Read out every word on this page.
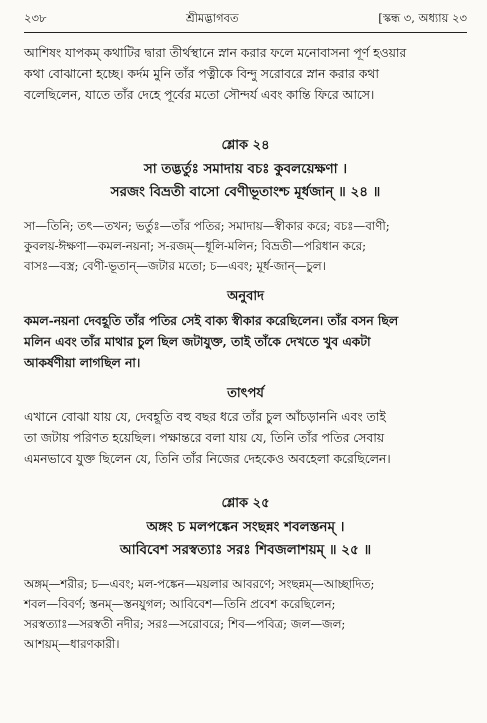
২৩৮	শ্রীমদ্ভাগবত	[স্কন্ধ ৩, অধ্যায় ২৩

আশিষং যাপকম্ কথাটির দ্বারা তীর্থস্থানে স্নান করার ফলে মনোবাসনা পূর্ণ হওয়ার

কথা বোঝানো হচ্ছে। কর্দম মুনি তাঁর পত্নীকে বিন্দু সরোবরে স্নান করার কথা

বলেছিলেন, যাতে তাঁর দেহে পূর্বের মতো সৌন্দর্য এবং কান্তি ফিরে আসে।

শ্লোক ২৪
সা তদ্ভর্তুঃ সমাদায় বচঃ কুবলয়েক্ষণা ।
সরজং বিভ্রতী বাসো বেণীভূতাংশ্চ মূর্ধজান্ ॥ ২৪ ॥

সা—তিনি; তৎ—তখন; ভর্তুঃ—তাঁর পতির; সমাদায়—স্বীকার করে; বচঃ—বাণী;

কুবলয়-ঈক্ষণা—কমল-নয়না; স-রজম্—ধূলি-মলিন; বিভ্রতী—পরিধান করে;

বাসঃ—বস্ত্র; বেণী-ভূতান্—জটার মতো; চ—এবং; মূর্ধ-জান্—চুল।

অনুবাদ

কমল-নয়না দেবহূতি তাঁর পতির সেই বাক্য স্বীকার করেছিলেন। তাঁর বসন ছিল

মলিন এবং তাঁর মাথার চুল ছিল জটাযুক্ত, তাই তাঁকে দেখতে খুব একটা

আকর্ষণীয়া লাগছিল না।

তাৎপর্য

এখানে বোঝা যায় যে, দেবহূতি বহু বছর ধরে তাঁর চুল আঁচড়াননি এবং তাই

তা জটায় পরিণত হয়েছিল। পক্ষান্তরে বলা যায় যে, তিনি তাঁর পতির সেবায়

এমনভাবে যুক্ত ছিলেন যে, তিনি তাঁর নিজের দেহকেও অবহেলা করেছিলেন।

শ্লোক ২৫
অঙ্গং চ মলপঙ্কেন সংছন্নং শবলস্তনম্ ।
আবিবেশ সরস্বত্যাঃ সরঃ শিবজলাশয়ম্ ॥ ২৫ ॥

অঙ্গম্—শরীর; চ—এবং; মল-পঙ্কেন—ময়লার আবরণে; সংছন্নম্—আচ্ছাদিত;

শবল—বিবর্ণ; স্তনম্—স্তনযুগল; আবিবেশ—তিনি প্রবেশ করেছিলেন;

সরস্বত্যাঃ—সরস্বতী নদীর; সরঃ—সরোবরে; শিব—পবিত্র; জল—জল;

আশয়ম্—ধারণকারী।
